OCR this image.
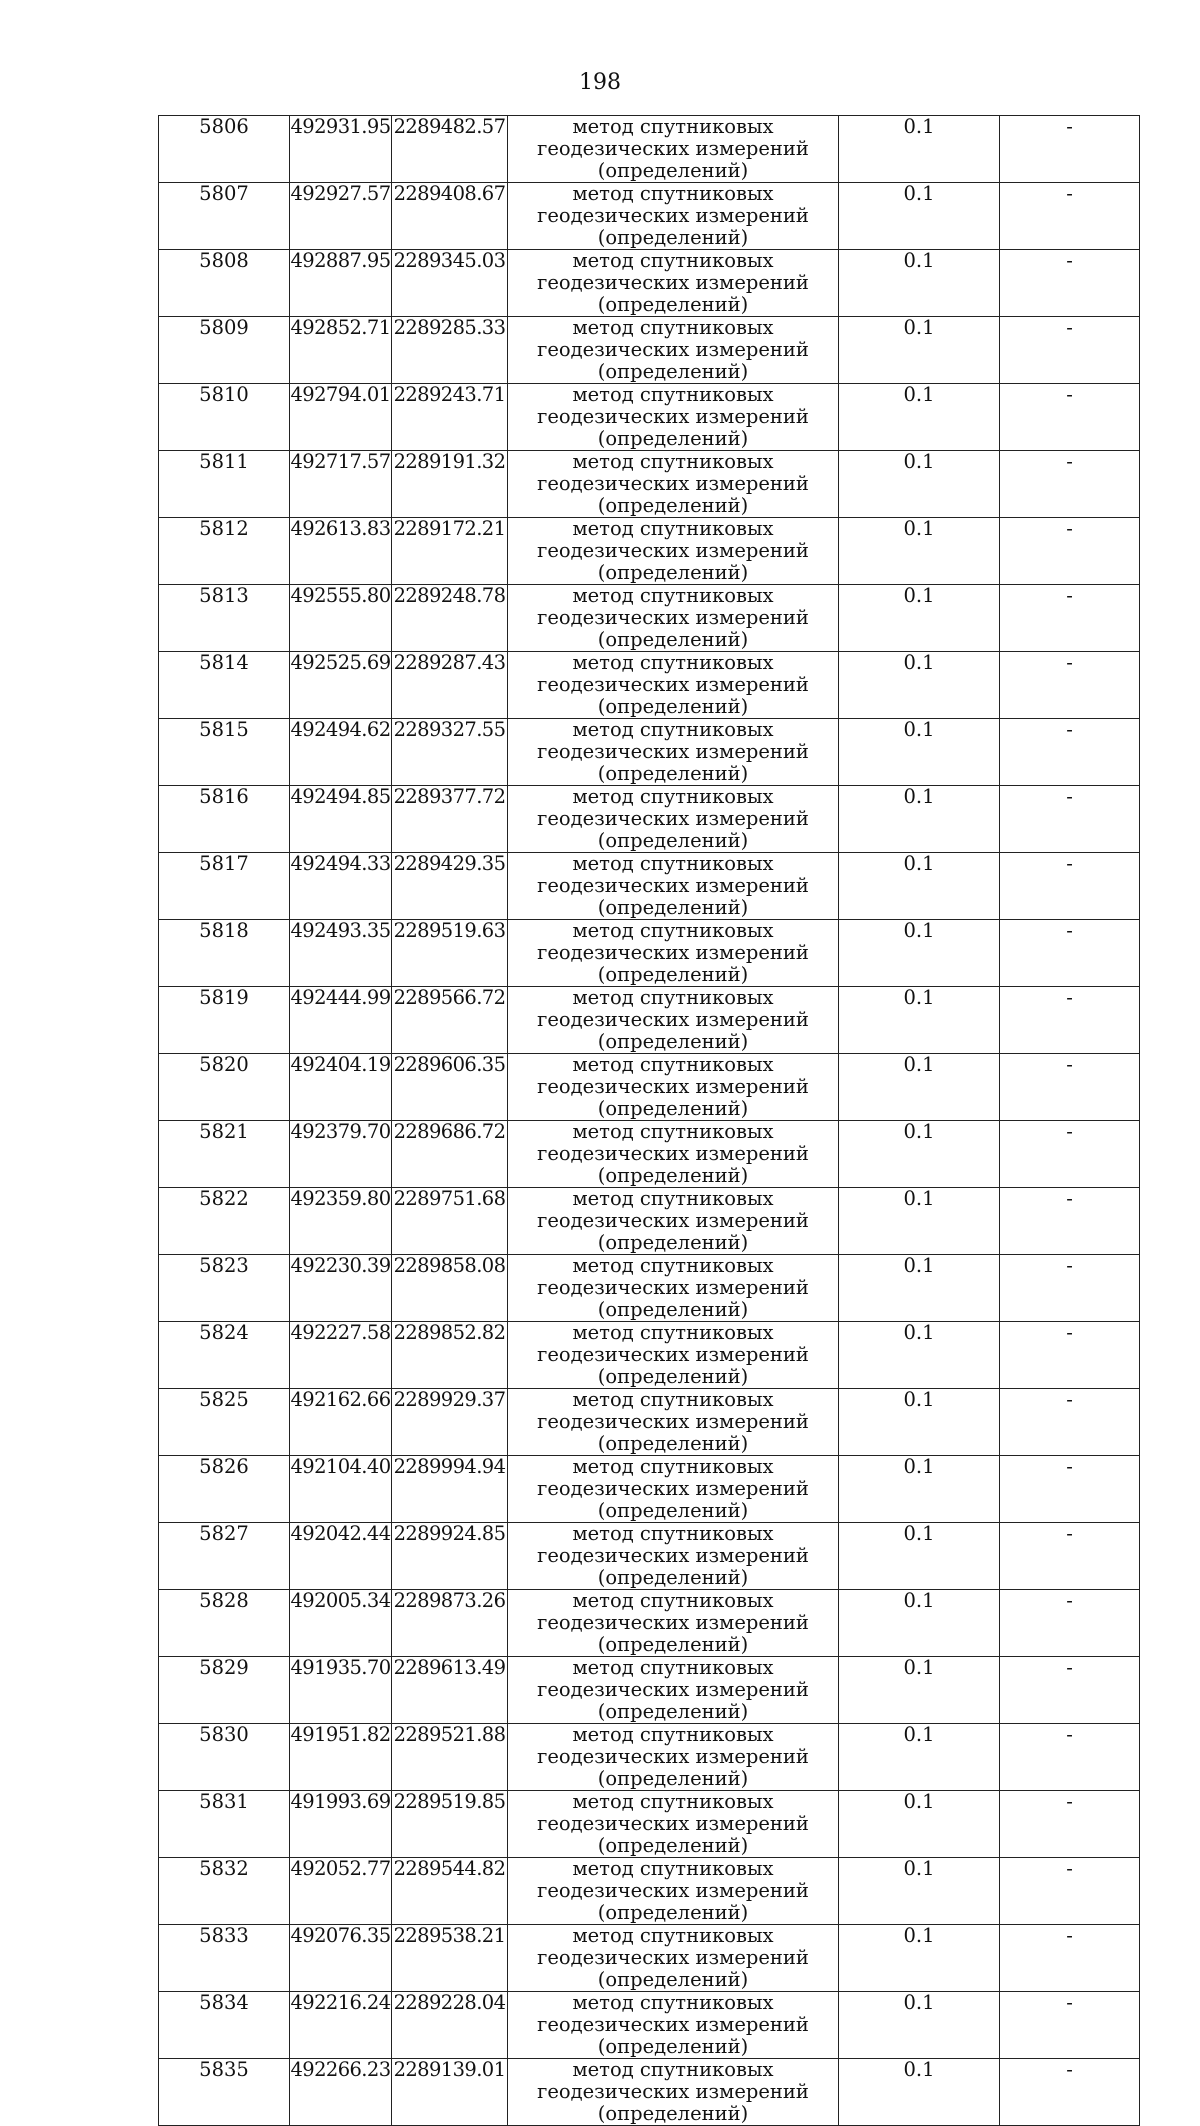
198
5806	492931.95	2289482.57	метод спутниковых геодезических измерений (определений)	0.1	-
5807	492927.57	2289408.67	метод спутниковых геодезических измерений (определений)	0.1	-
5808	492887.95	2289345.03	метод спутниковых геодезических измерений (определений)	0.1	-
5809	492852.71	2289285.33	метод спутниковых геодезических измерений (определений)	0.1	-
5810	492794.01	2289243.71	метод спутниковых геодезических измерений (определений)	0.1	-
5811	492717.57	2289191.32	метод спутниковых геодезических измерений (определений)	0.1	-
5812	492613.83	2289172.21	метод спутниковых геодезических измерений (определений)	0.1	-
5813	492555.80	2289248.78	метод спутниковых геодезических измерений (определений)	0.1	-
5814	492525.69	2289287.43	метод спутниковых геодезических измерений (определений)	0.1	-
5815	492494.62	2289327.55	метод спутниковых геодезических измерений (определений)	0.1	-
5816	492494.85	2289377.72	метод спутниковых геодезических измерений (определений)	0.1	-
5817	492494.33	2289429.35	метод спутниковых геодезических измерений (определений)	0.1	-
5818	492493.35	2289519.63	метод спутниковых геодезических измерений (определений)	0.1	-
5819	492444.99	2289566.72	метод спутниковых геодезических измерений (определений)	0.1	-
5820	492404.19	2289606.35	метод спутниковых геодезических измерений (определений)	0.1	-
5821	492379.70	2289686.72	метод спутниковых геодезических измерений (определений)	0.1	-
5822	492359.80	2289751.68	метод спутниковых геодезических измерений (определений)	0.1	-
5823	492230.39	2289858.08	метод спутниковых геодезических измерений (определений)	0.1	-
5824	492227.58	2289852.82	метод спутниковых геодезических измерений (определений)	0.1	-
5825	492162.66	2289929.37	метод спутниковых геодезических измерений (определений)	0.1	-
5826	492104.40	2289994.94	метод спутниковых геодезических измерений (определений)	0.1	-
5827	492042.44	2289924.85	метод спутниковых геодезических измерений (определений)	0.1	-
5828	492005.34	2289873.26	метод спутниковых геодезических измерений (определений)	0.1	-
5829	491935.70	2289613.49	метод спутниковых геодезических измерений (определений)	0.1	-
5830	491951.82	2289521.88	метод спутниковых геодезических измерений (определений)	0.1	-
5831	491993.69	2289519.85	метод спутниковых геодезических измерений (определений)	0.1	-
5832	492052.77	2289544.82	метод спутниковых геодезических измерений (определений)	0.1	-
5833	492076.35	2289538.21	метод спутниковых геодезических измерений (определений)	0.1	-
5834	492216.24	2289228.04	метод спутниковых геодезических измерений (определений)	0.1	-
5835	492266.23	2289139.01	метод спутниковых геодезических измерений (определений)	0.1	-
